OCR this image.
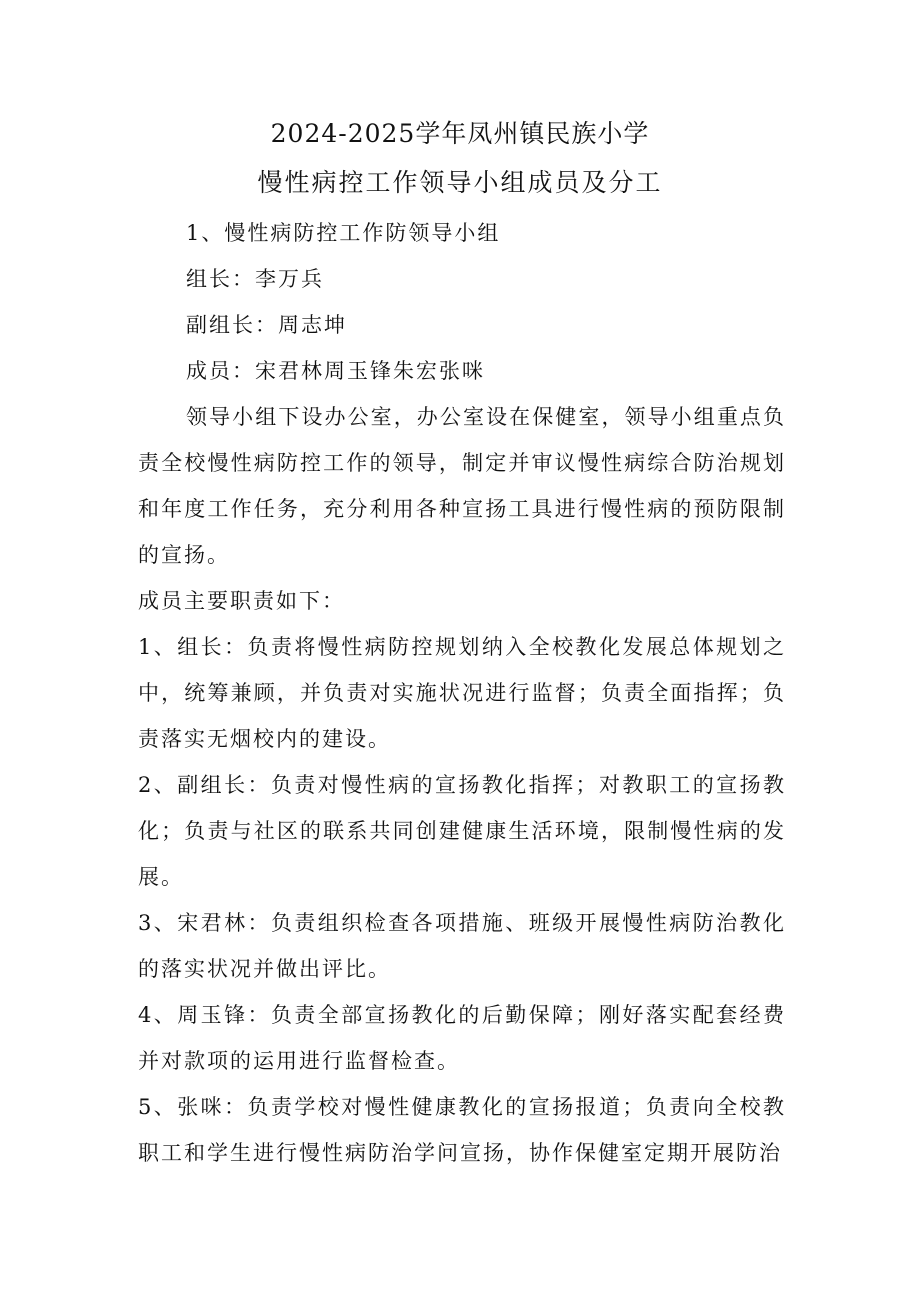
2024-2025学年凤州镇民族小学
慢性病控工作领导小组成员及分工

1、慢性病防控工作防领导小组

组长：李万兵

副组长：周志坤

成员：宋君林周玉锋朱宏张咪

领导小组下设办公室，办公室设在保健室，领导小组重点负责全校慢性病防控工作的领导，制定并审议慢性病综合防治规划和年度工作任务，充分利用各种宣扬工具进行慢性病的预防限制的宣扬。

成员主要职责如下：

1、组长：负责将慢性病防控规划纳入全校教化发展总体规划之中，统筹兼顾，并负责对实施状况进行监督；负责全面指挥；负责落实无烟校内的建设。

2、副组长：负责对慢性病的宣扬教化指挥；对教职工的宣扬教化；负责与社区的联系共同创建健康生活环境，限制慢性病的发展。

3、宋君林：负责组织检查各项措施、班级开展慢性病防治教化的落实状况并做出评比。

4、周玉锋：负责全部宣扬教化的后勤保障；刚好落实配套经费并对款项的运用进行监督检查。

5、张咪：负责学校对慢性健康教化的宣扬报道；负责向全校教职工和学生进行慢性病防治学问宣扬，协作保健室定期开展防治
